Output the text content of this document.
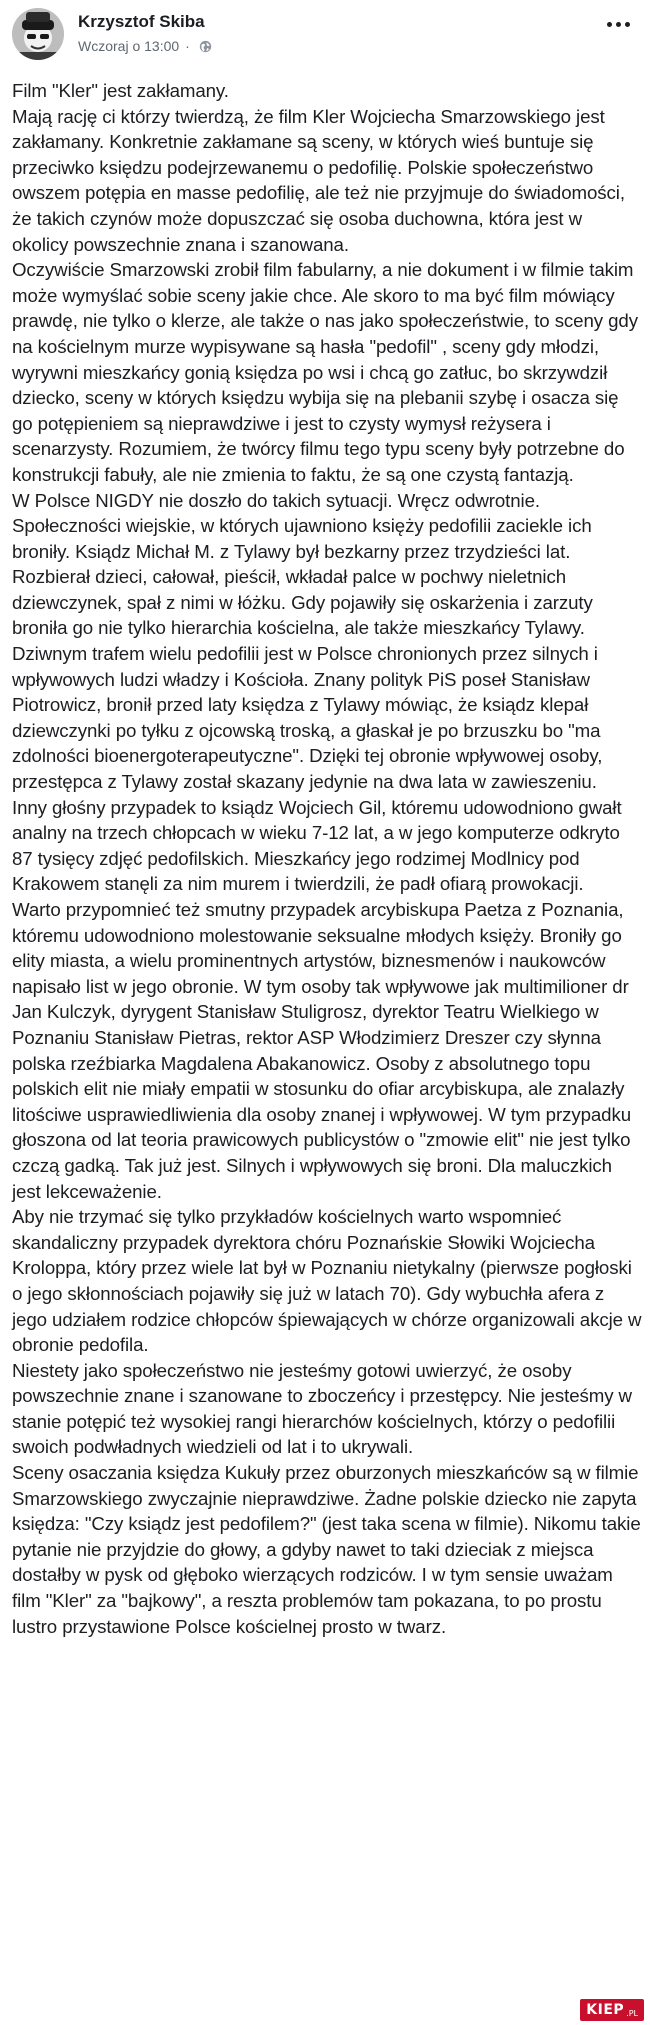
Krzysztof Skiba
Wczoraj o 13:00 ·

Film "Kler" jest zakłamany.

Mają rację ci którzy twierdzą, że film Kler Wojciecha Smarzowskiego jest zakłamany. Konkretnie zakłamane są sceny, w których wieś buntuje się przeciwko księdzu podejrzewanemu o pedofilię. Polskie społeczeństwo owszem potępia en masse pedofilię, ale też nie przyjmuje do świadomości, że takich czynów może dopuszczać się osoba duchowna, która jest w okolicy powszechnie znana i szanowana.

Oczywiście Smarzowski zrobił film fabularny, a nie dokument i w filmie takim może wymyślać sobie sceny jakie chce. Ale skoro to ma być film mówiący prawdę, nie tylko o klerze, ale także o nas jako społeczeństwie, to sceny gdy na kościelnym murze wypisywane są hasła "pedofil" , sceny gdy młodzi, wyrywni mieszkańcy gonią księdza po wsi i chcą go zatłuc, bo skrzywdził dziecko, sceny w których księdzu wybija się na plebanii szybę i osacza się go potępieniem są nieprawdziwe i jest to czysty wymysł reżysera i scenarzysty. Rozumiem, że twórcy filmu tego typu sceny były potrzebne do konstrukcji fabuły, ale nie zmienia to faktu, że są one czystą fantazją.

W Polsce NIGDY nie doszło do takich sytuacji. Wręcz odwrotnie. Społeczności wiejskie, w których ujawniono księży pedofilii zaciekle ich broniły. Ksiądz Michał M. z Tylawy był bezkarny przez trzydzieści lat. Rozbierał dzieci, całował, pieścił, wkładał palce w pochwy nieletnich dziewczynek, spał z nimi w łóżku. Gdy pojawiły się oskarżenia i zarzuty broniła go nie tylko hierarchia kościelna, ale także mieszkańcy Tylawy. Dziwnym trafem wielu pedofilii jest w Polsce chronionych przez silnych i wpływowych ludzi władzy i Kościoła. Znany polityk PiS poseł Stanisław Piotrowicz, bronił przed laty księdza z Tylawy mówiąc, że ksiądz klepał dziewczynki po tyłku z ojcowską troską, a głaskał je po brzuszku bo "ma zdolności bioenergoterapeutyczne". Dzięki tej obronie wpływowej osoby, przestępca z Tylawy został skazany jedynie na dwa lata w zawieszeniu.

Inny głośny przypadek to ksiądz Wojciech Gil, któremu udowodniono gwałt analny na trzech chłopcach w wieku 7-12 lat, a w jego komputerze odkryto 87 tysięcy zdjęć pedofilskich. Mieszkańcy jego rodzimej Modlnicy pod Krakowem stanęli za nim murem i twierdzili, że padł ofiarą prowokacji.

Warto przypomnieć też smutny przypadek arcybiskupa Paetza z Poznania, któremu udowodniono molestowanie seksualne młodych księży. Broniły go elity miasta, a wielu prominentnych artystów, biznesmenów i naukowców napisało list w jego obronie. W tym osoby tak wpływowe jak multimilioner dr Jan Kulczyk, dyrygent Stanisław Stuligrosz, dyrektor Teatru Wielkiego w Poznaniu Stanisław Pietras, rektor ASP Włodzimierz Dreszer czy słynna polska rzeźbiarka Magdalena Abakanowicz. Osoby z absolutnego topu polskich elit nie miały empatii w stosunku do ofiar arcybiskupa, ale znalazły litościwe usprawiedliwienia dla osoby znanej i wpływowej. W tym przypadku głoszona od lat teoria prawicowych publicystów o "zmowie elit" nie jest tylko czczą gadką. Tak już jest. Silnych i wpływowych się broni. Dla maluczkich jest lekceważenie.

Aby nie trzymać się tylko przykładów kościelnych warto wspomnieć skandaliczny przypadek dyrektora chóru Poznańskie Słowiki Wojciecha Kroloppa, który przez wiele lat był w Poznaniu nietykalny (pierwsze pogłoski o jego skłonnościach pojawiły się już w latach 70). Gdy wybuchła afera z jego udziałem rodzice chłopców śpiewających w chórze organizowali akcje w obronie pedofila.

Niestety jako społeczeństwo nie jesteśmy gotowi uwierzyć, że osoby powszechnie znane i szanowane to zboczeńcy i przestępcy. Nie jesteśmy w stanie potępić też wysokiej rangi hierarchów kościelnych, którzy o pedofilii swoich podwładnych wiedzieli od lat i to ukrywali.

Sceny osaczania księdza Kukuły przez oburzonych mieszkańców są w filmie Smarzowskiego zwyczajnie nieprawdziwe. Żadne polskie dziecko nie zapyta księdza: "Czy ksiądz jest pedofilem?" (jest taka scena w filmie). Nikomu takie pytanie nie przyjdzie do głowy, a gdyby nawet to taki dzieciak z miejsca dostałby w pysk od głęboko wierzących rodziców. I w tym sensie uważam film "Kler" za "bajkowy", a reszta problemów tam pokazana, to po prostu lustro przystawione Polsce kościelnej prosto w twarz.

KIEP .PL
